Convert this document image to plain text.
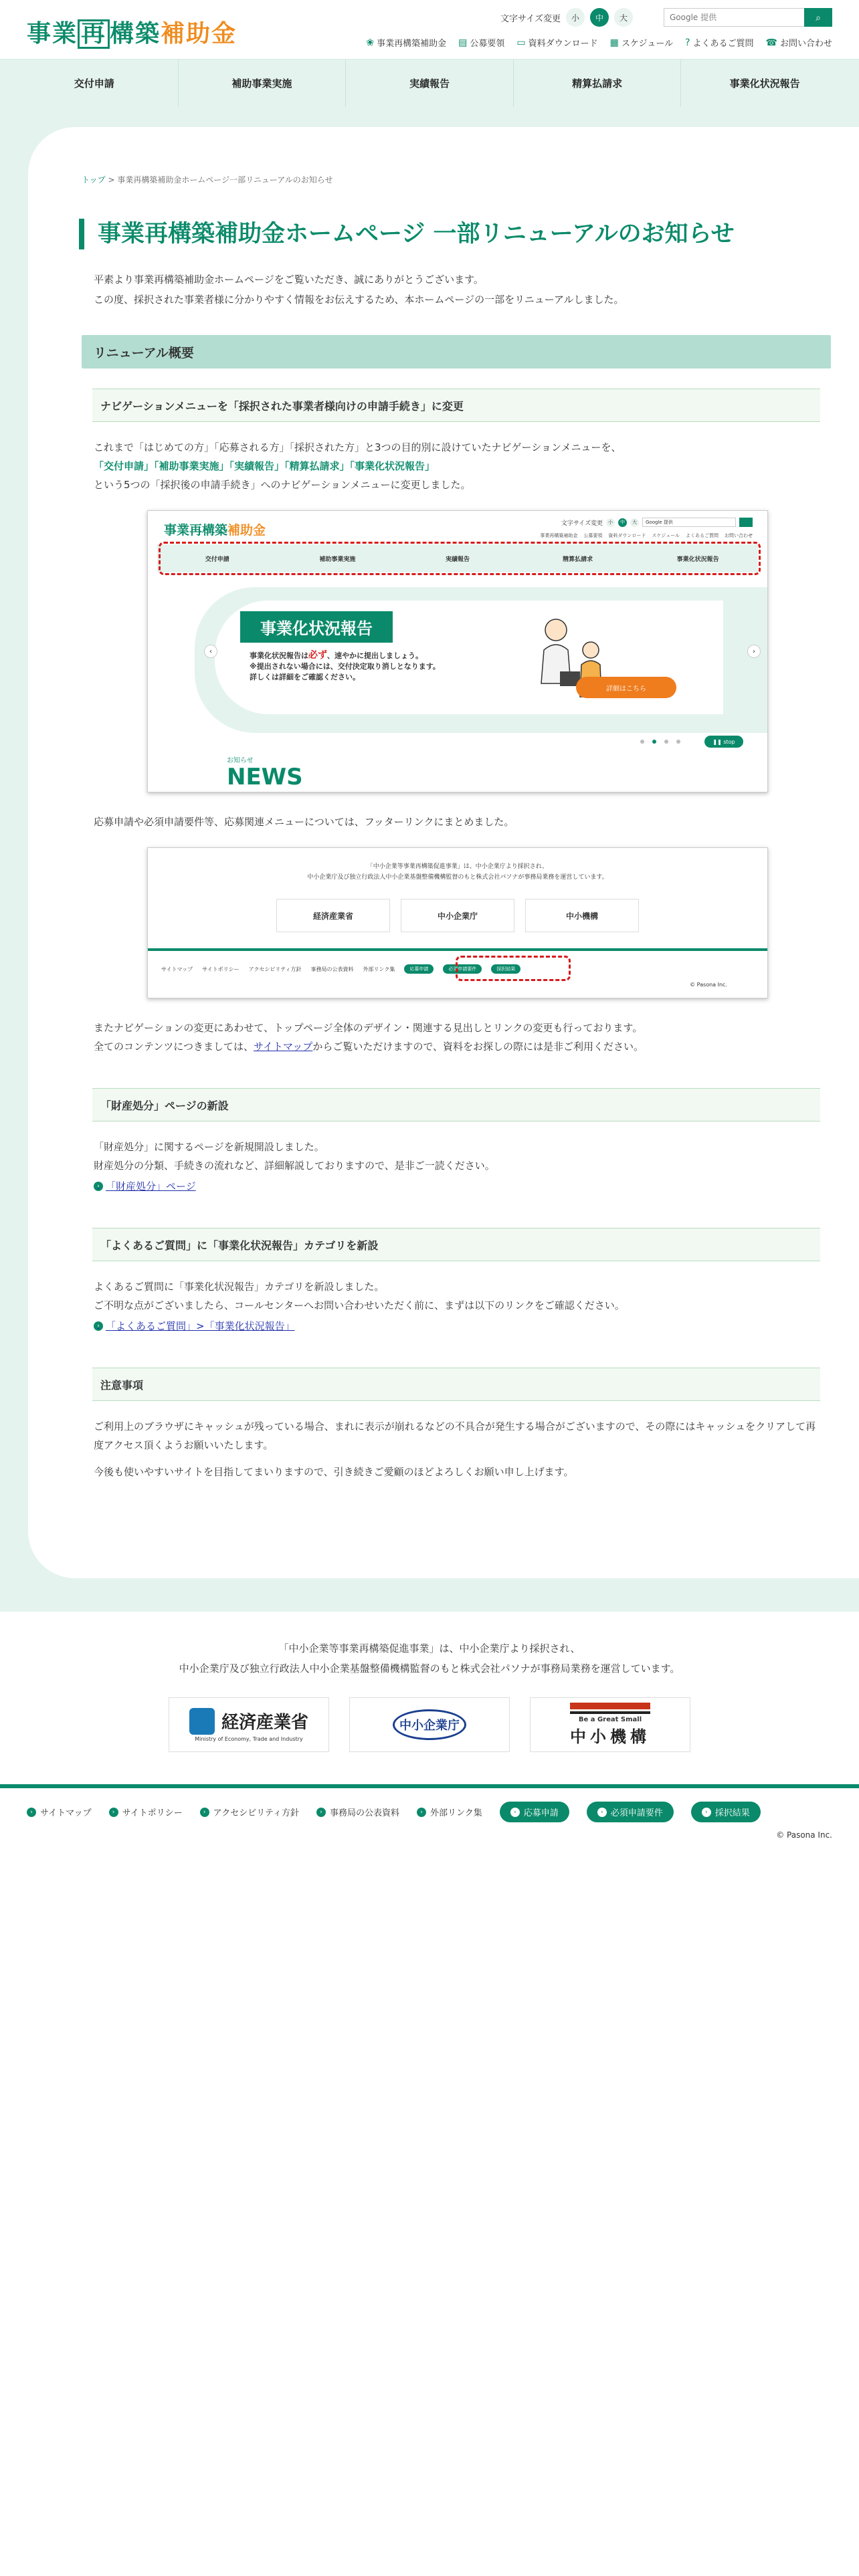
事業 再 構築補助金
文字サイズ変更	小	中	大
Google 提供	⌕
❀ 事業再構築補助金 ▤ 公募要領 ▭ 資料ダウンロード ▦ スケジュール ? よくあるご質問 ☎ お問い合わせ
交付申請	補助事業実施	実績報告	精算払請求	事業化状況報告
トップ > 事業再構築補助金ホームページ一部リニューアルのお知らせ
事業再構築補助金ホームページ 一部リニューアルのお知らせ

平素より事業再構築補助金ホームページをご覧いただき、誠にありがとうございます。

この度、採択された事業者様に分かりやすく情報をお伝えするため、本ホームページの一部をリニューアルしました。

リニューアル概要
ナビゲーションメニューを「採択された事業者様向けの申請手続き」に変更

これまで「はじめての方」「応募される方」「採択された方」と3つの目的別に設けていたナビゲーションメニューを、

「交付申請」「補助事業実施」「実績報告」「精算払請求」「事業化状況報告」

という5つの「採択後の申請手続き」へのナビゲーションメニューに変更しました。

事業再構築補助金	文字サイズ変更	小	中	大	Google 提供
事業再構築補助金 公募要領 資料ダウンロード スケジュール よくあるご質問 お問い合わせ
交付申請	補助事業実施	実績報告	精算払請求	事業化状況報告
事業化状況報告
事業化状況報告は必ず、速やかに提出しましょう。
※提出されない場合には、交付決定取り消しとなります。
詳しくは詳細をご確認ください。
詳細はこちら
‹	›
❚❚
stop
お知らせ
NEWS

応募申請や必須申請要件等、応募関連メニューについては、フッターリンクにまとめました。

「中小企業等事業再構築促進事業」は、中小企業庁より採択され、
中小企業庁及び独立行政法人中小企業基盤整備機構監督のもと株式会社パソナが事務局業務を運営しています。
経済産業省	中小企業庁	中小機構
サイトマップ サイトポリシー アクセシビリティ方針 事務局の公表資料 外部リンク集	応募申請	必須申請要件	採択結果
© Pasona Inc.

またナビゲーションの変更にあわせて、トップページ全体のデザイン・関連する見出しとリンクの変更も行っております。

全てのコンテンツにつきましては、サイトマップからご覧いただけますので、資料をお探しの際には是非ご利用ください。

「財産処分」ページの新設

「財産処分」に関するページを新規開設しました。

財産処分の分類、手続きの流れなど、詳細解説しておりますので、是非ご一読ください。

› 「財産処分」ページ

「よくあるご質問」に「事業化状況報告」カテゴリを新設

よくあるご質問に「事業化状況報告」カテゴリを新設しました。

ご不明な点がございましたら、コールセンターへお問い合わせいただく前に、まずは以下のリンクをご確認ください。

› 「よくあるご質問」>「事業化状況報告」

注意事項

ご利用上のブラウザにキャッシュが残っている場合、まれに表示が崩れるなどの不具合が発生する場合がございますので、その際にはキャッシュをクリアして再度アクセス頂くようお願いいたします。

今後も使いやすいサイトを目指してまいりますので、引き続きご愛顧のほどよろしくお願い申し上げます。

「中小企業等事業再構築促進事業」は、中小企業庁より採択され、

中小企業庁及び独立行政法人中小企業基盤整備機構監督のもと株式会社パソナが事務局業務を運営しています。

経済産業省
Ministry of Economy, Trade and Industry
中小企業庁	Be a Great Small
中小機構
› サイトマップ	› サイトポリシー	› アクセシビリティ方針	› 事務局の公表資料	› 外部リンク集	› 応募申請	› 必須申請要件	› 採択結果
© Pasona Inc.
